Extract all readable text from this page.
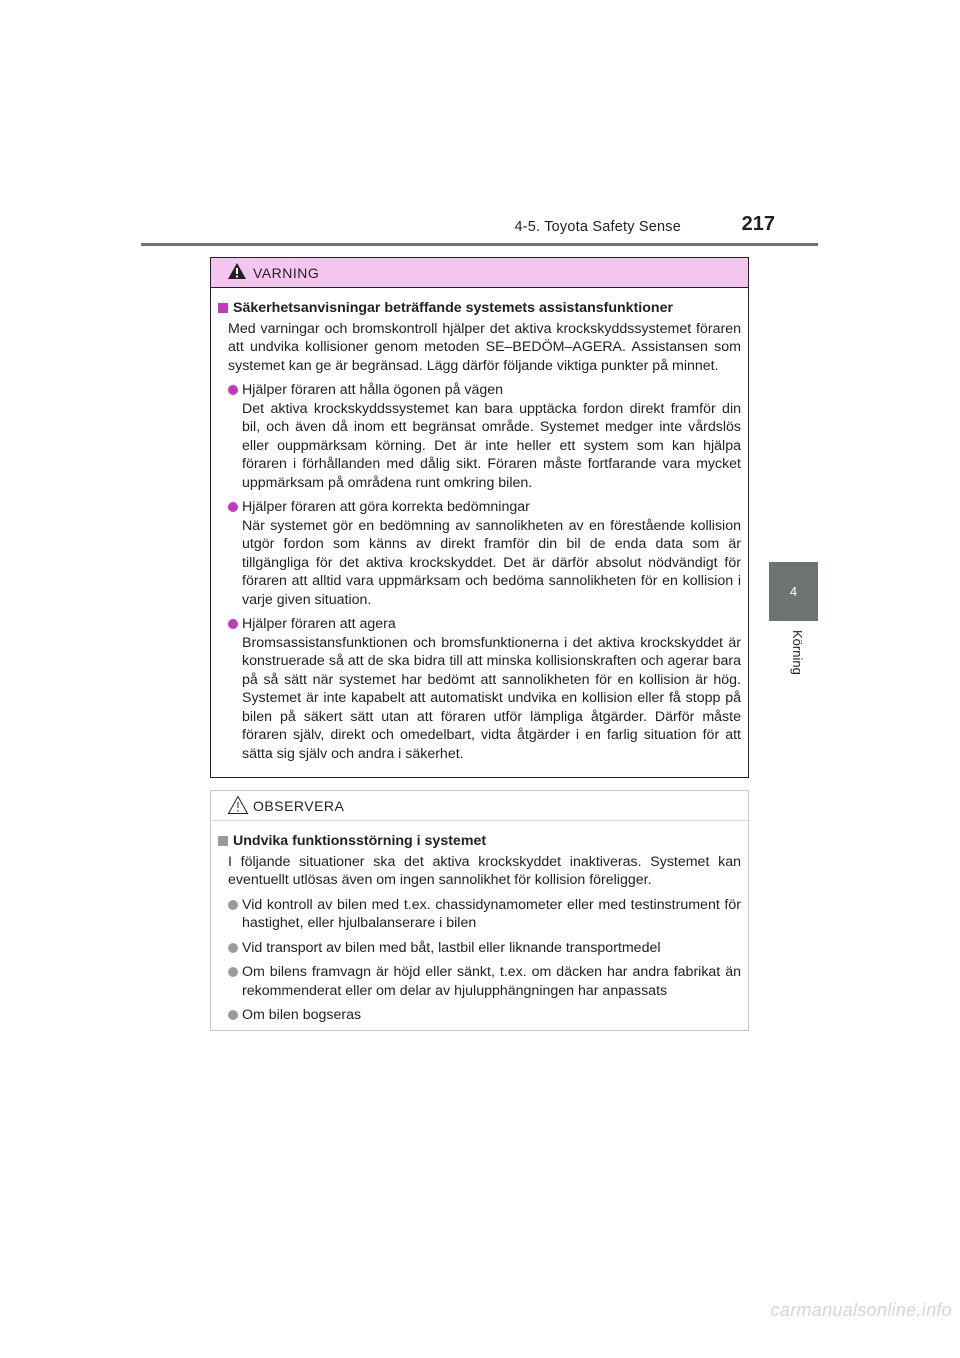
4-5. Toyota Safety Sense	217
4
Körning
VARNING
Säkerhetsanvisningar beträffande systemets assistansfunktioner
Med varningar och bromskontroll hjälper det aktiva krockskyddssystemet föraren att undvika kollisioner genom metoden SE–BEDÖM–AGERA. Assistansen som systemet kan ge är begränsad. Lägg därför följande viktiga punkter på minnet.
Hjälper föraren att hålla ögonen på vägen
Det aktiva krockskyddssystemet kan bara upptäcka fordon direkt framför din bil, och även då inom ett begränsat område. Systemet medger inte vårdslös eller ouppmärksam körning. Det är inte heller ett system som kan hjälpa föraren i förhållanden med dålig sikt. Föraren måste fortfarande vara mycket uppmärksam på områdena runt omkring bilen.
Hjälper föraren att göra korrekta bedömningar
När systemet gör en bedömning av sannolikheten av en förestående kollision utgör fordon som känns av direkt framför din bil de enda data som är tillgängliga för det aktiva krockskyddet. Det är därför absolut nödvändigt för föraren att alltid vara uppmärksam och bedöma sannolikheten för en kollision i varje given situation.
Hjälper föraren att agera
Bromsassistansfunktionen och bromsfunktionerna i det aktiva krockskyddet är konstruerade så att de ska bidra till att minska kollisionskraften och agerar bara på så sätt när systemet har bedömt att sannolikheten för en kollision är hög. Systemet är inte kapabelt att automatiskt undvika en kollision eller få stopp på bilen på säkert sätt utan att föraren utför lämpliga åtgärder. Därför måste föraren själv, direkt och omedelbart, vidta åtgärder i en farlig situation för att sätta sig själv och andra i säkerhet.
OBSERVERA
Undvika funktionsstörning i systemet
I följande situationer ska det aktiva krockskyddet inaktiveras. Systemet kan eventuellt utlösas även om ingen sannolikhet för kollision föreligger.
Vid kontroll av bilen med t.ex. chassidynamometer eller med testinstrument för hastighet, eller hjulbalanserare i bilen
Vid transport av bilen med båt, lastbil eller liknande transportmedel
Om bilens framvagn är höjd eller sänkt, t.ex. om däcken har andra fabrikat än rekommenderat eller om delar av hjulupphängningen har anpassats
Om bilen bogseras
carmanualsonline.info
